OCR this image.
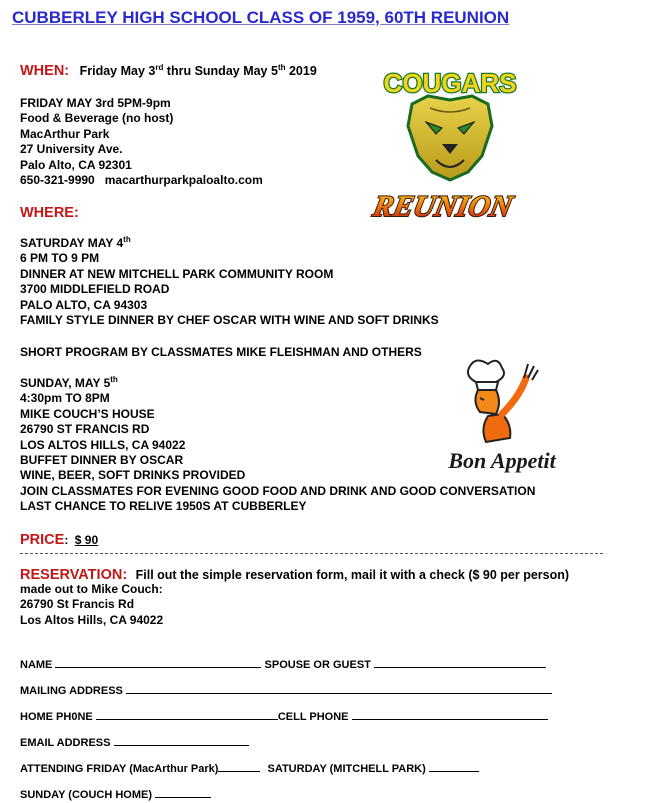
CUBBERLEY HIGH SCHOOL CLASS OF 1959, 60TH REUNION
WHEN: Friday May 3rd thru Sunday May 5th 2019
FRIDAY MAY 3rd 5PM-9pm
Food & Beverage (no host)
MacArthur Park
27 University Ave.
Palo Alto, CA 92301
650-321-9990   macarthurparkpaloalto.com
WHERE:
SATURDAY MAY 4th
6 PM TO 9 PM
DINNER AT NEW MITCHELL PARK COMMUNITY ROOM
3700 MIDDLEFIELD ROAD
PALO ALTO, CA 94303
FAMILY STYLE DINNER BY CHEF OSCAR WITH WINE AND SOFT DRINKS
SHORT PROGRAM BY CLASSMATES MIKE FLEISHMAN AND OTHERS
SUNDAY, MAY 5th
4:30pm TO 8PM
MIKE COUCH’S HOUSE
26790 ST FRANCIS RD
LOS ALTOS HILLS, CA 94022
BUFFET DINNER BY OSCAR
WINE, BEER, SOFT DRINKS PROVIDED
JOIN CLASSMATES FOR EVENING GOOD FOOD AND DRINK AND GOOD CONVERSATION
LAST CHANCE TO RELIVE 1950S AT CUBBERLEY
PRICE: $ 90
RESERVATION: Fill out the simple reservation form, mail it with a check ($ 90 per person)
made out to Mike Couch:
26790 St Francis Rd
Los Altos Hills, CA 94022
NAME	SPOUSE OR GUEST
MAILING ADDRESS
HOME PH0NE	CELL PHONE
EMAIL ADDRESS
ATTENDING FRIDAY (MacArthur Park)	SATURDAY (MITCHELL PARK)
SUNDAY (COUCH HOME)
COUGARS
REUNION
Bon Appetit
